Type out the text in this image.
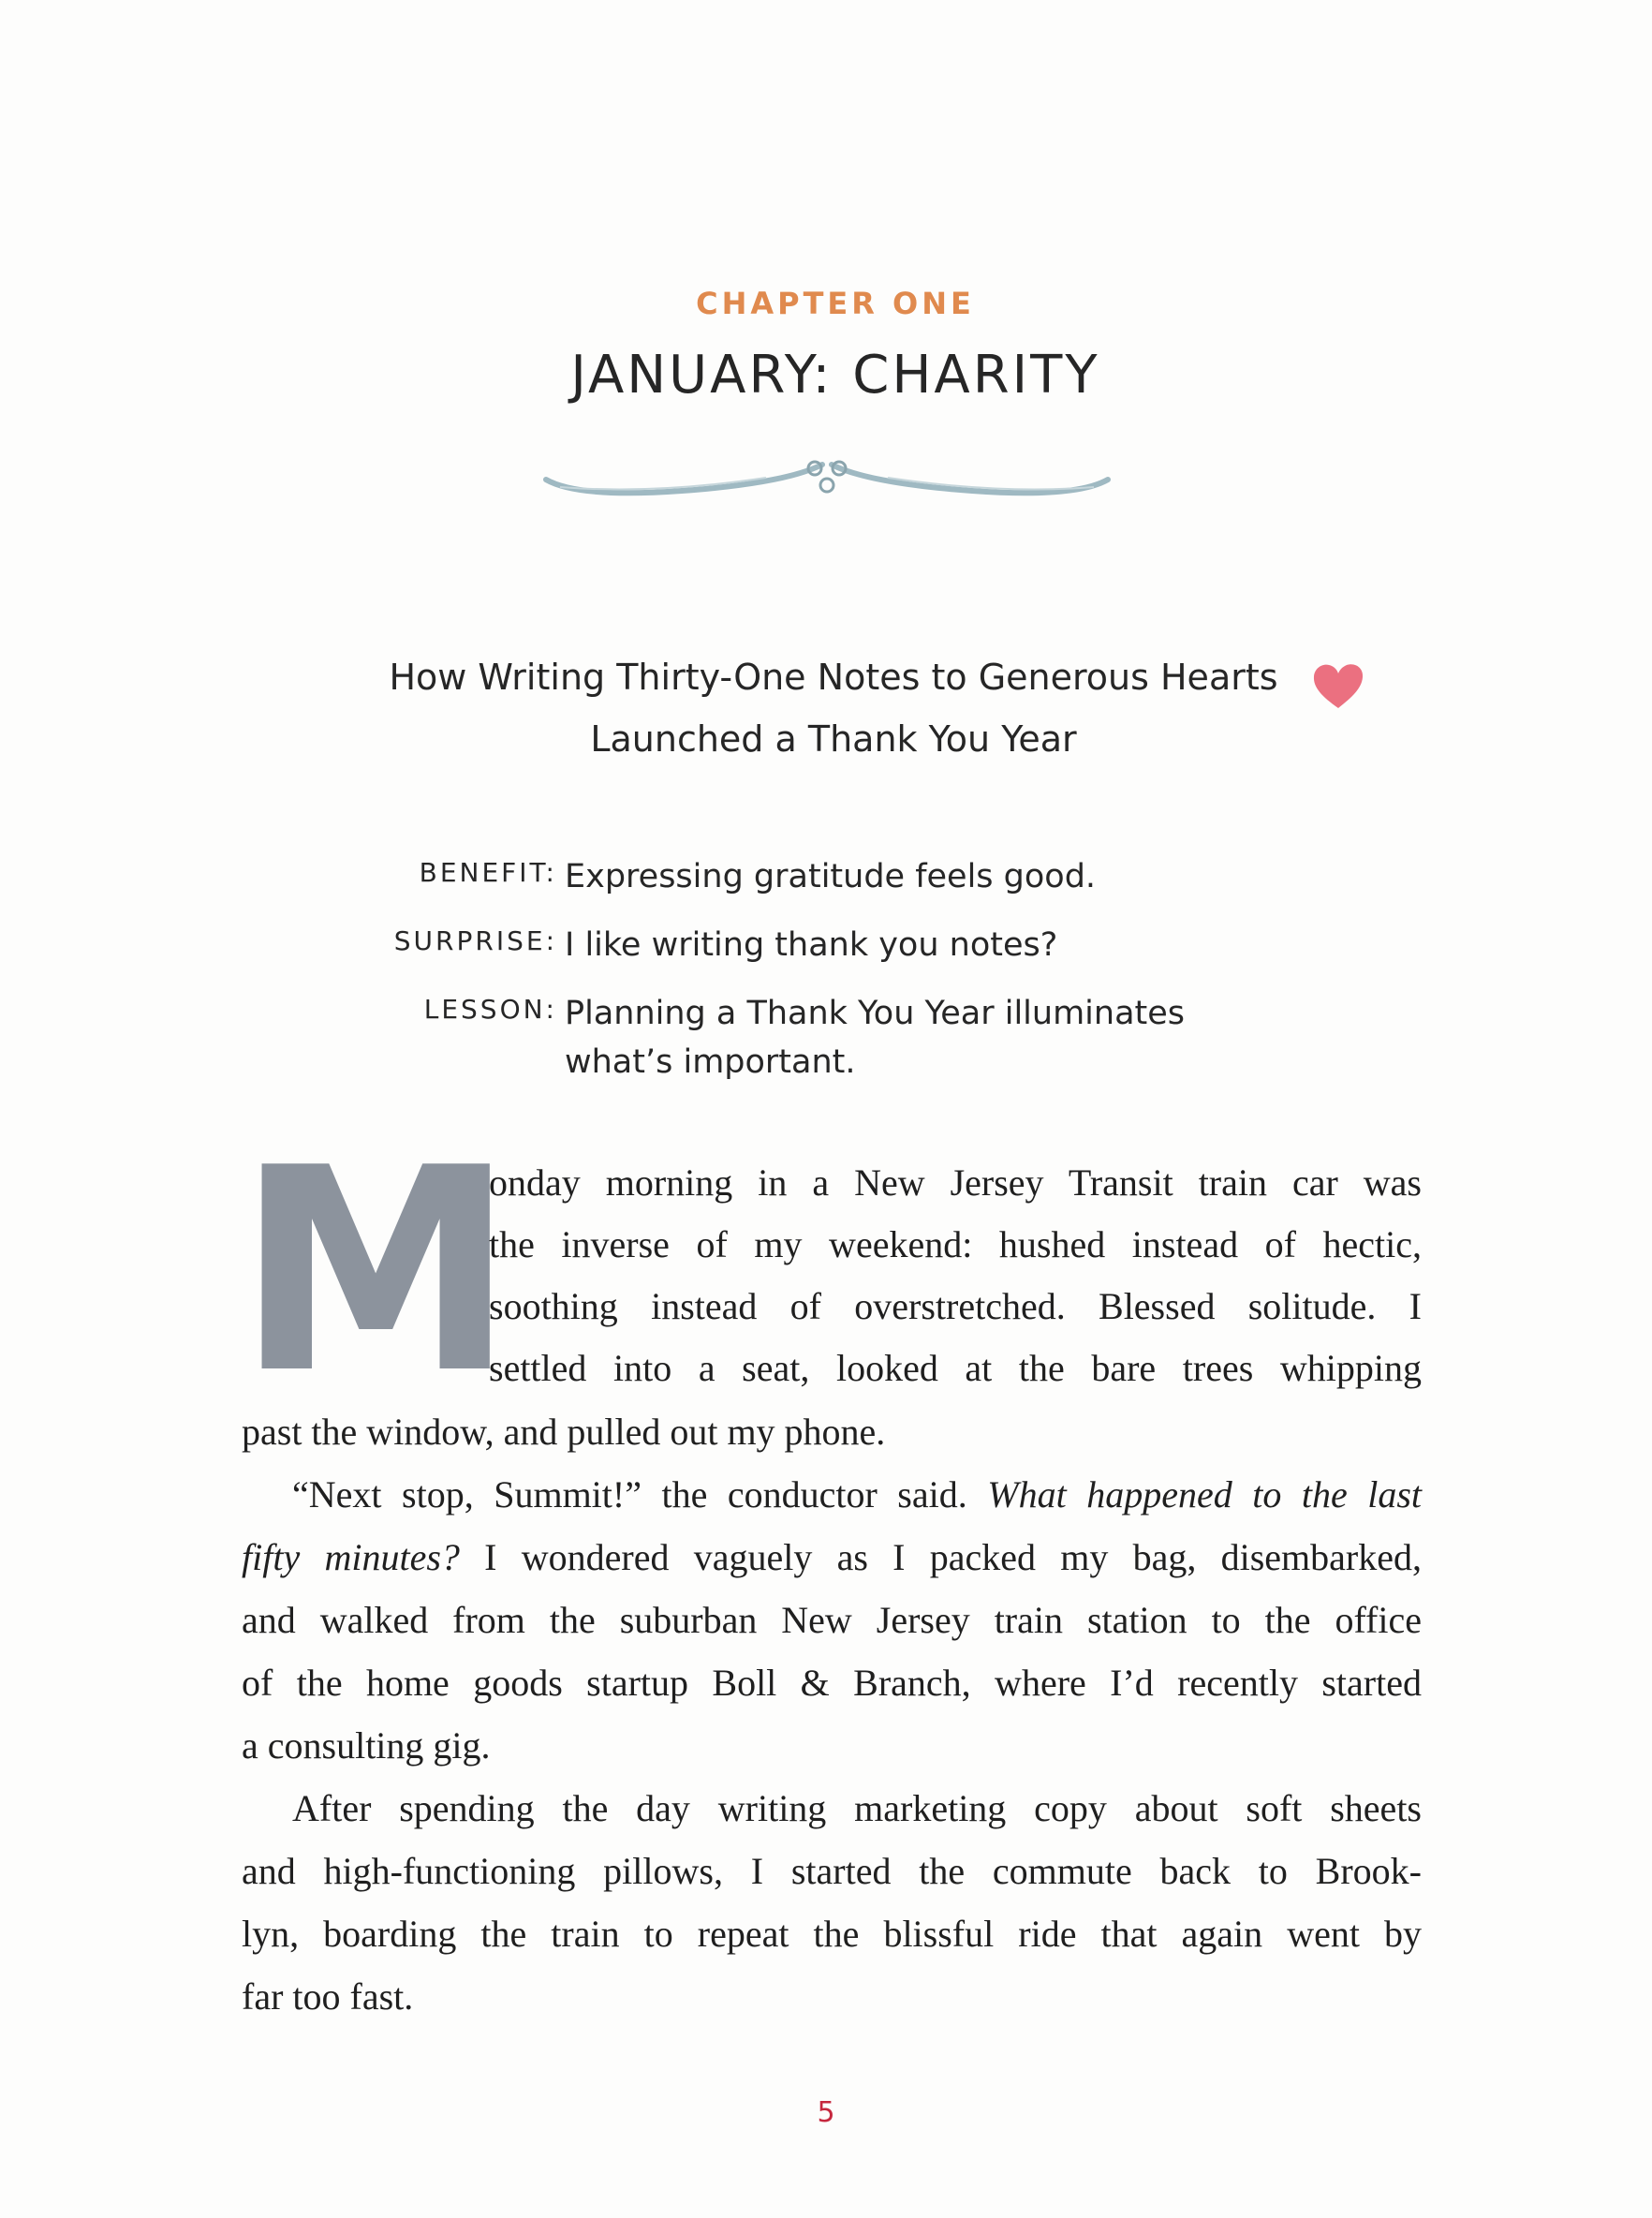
CHAPTER ONE
JANUARY: CHARITY
How Writing Thirty-One Notes to Generous Hearts
Launched a Thank You Year
BENEFIT: Expressing gratitude feels good.
SURPRISE: I like writing thank you notes?
LESSON: Planning a Thank You Year illuminates
what’s important.
M
onday morning in a New Jersey Transit train car was
the inverse of my weekend: hushed instead of hectic,
soothing instead of overstretched. Blessed solitude. I
settled into a seat, looked at the bare trees whipping
past the window, and pulled out my phone.
“Next stop, Summit!” the conductor said. What happened to the last
fifty minutes? I wondered vaguely as I packed my bag, disembarked,
and walked from the suburban New Jersey train station to the office
of the home goods startup Boll & Branch, where I’d recently started
a consulting gig.
After spending the day writing marketing copy about soft sheets
and high-functioning pillows, I started the commute back to Brook-
lyn, boarding the train to repeat the blissful ride that again went by
far too fast.
5
